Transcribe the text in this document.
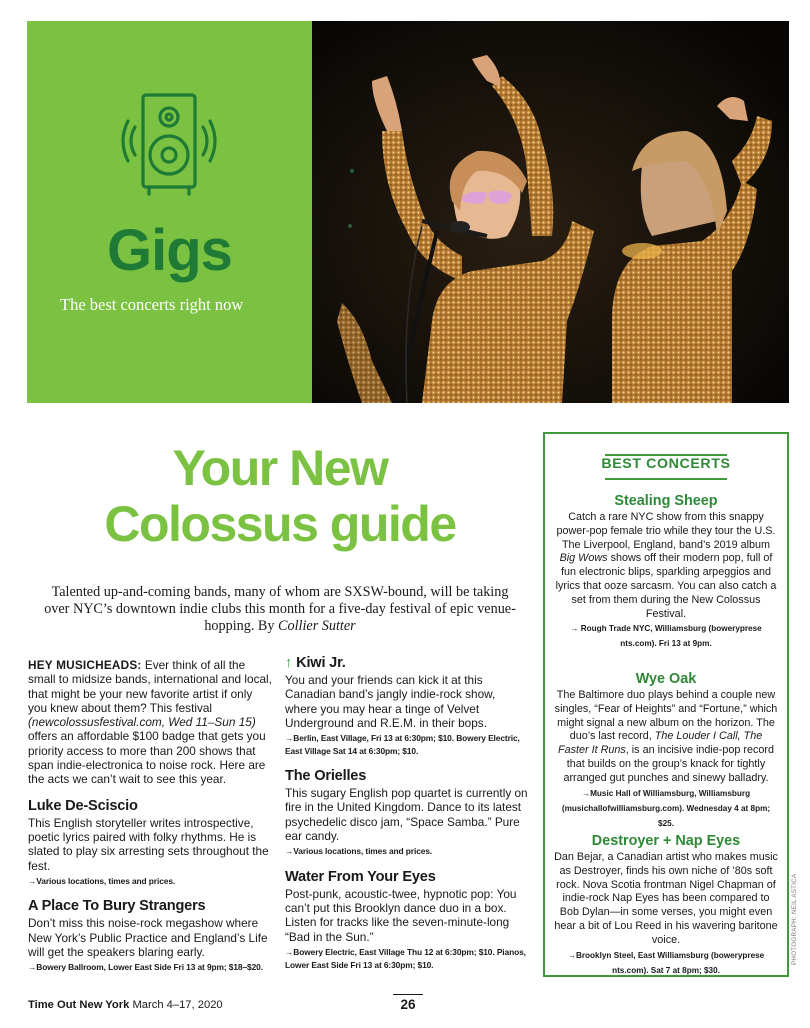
Gigs
The best concerts right now
Your New
Colossus guide
Talented up-and-coming bands, many of whom are SXSW-bound, will be taking over NYC’s downtown indie clubs this month for a five-day festival of epic venue-hopping. By Collier Sutter

HEY MUSICHEADS: Ever think of all the small to midsize bands, international and local, that might be your new favorite artist if only you knew about them? This festival (newcolossusfestival.com, Wed 11–Sun 15) offers an affordable $100 badge that gets you priority access to more than 200 shows that span indie-electronica to noise rock. Here are the acts we can’t wait to see this year.

Luke De-Sciscio

This English storyteller writes introspective, poetic lyrics paired with folky rhythms. He is slated to play six arresting sets throughout the fest.

→Various locations, times and prices.

A Place To Bury Strangers

Don’t miss this noise-rock megashow where New York’s Public Practice and England’s Life will get the speakers blaring early.

→Bowery Ballroom, Lower East Side Fri 13 at 9pm; $18–$20.

↑ Kiwi Jr.

You and your friends can kick it at this Canadian band’s jangly indie-rock show, where you may hear a tinge of Velvet Underground and R.E.M. in their bops.

→Berlin, East Village, Fri 13 at 6:30pm; $10. Bowery Electric, East Village Sat 14 at 6:30pm; $10.

The Orielles

This sugary English pop quartet is currently on fire in the United Kingdom. Dance to its latest psychedelic disco jam, “Space Samba.” Pure ear candy.

→Various locations, times and prices.

Water From Your Eyes

Post-punk, acoustic-twee, hypnotic pop: You can’t put this Brooklyn dance duo in a box. Listen for tracks like the seven-minute-long “Bad in the Sun.”

→Bowery Electric, East Village Thu 12 at 6:30pm; $10. Pianos, Lower East Side Fri 13 at 6:30pm; $10.

BEST CONCERTS
Stealing Sheep

Catch a rare NYC show from this snappy power-pop female trio while they tour the U.S. The Liverpool, England, band’s 2019 album Big Wows shows off their modern pop, full of fun electronic blips, sparkling arpeggios and lyrics that ooze sarcasm. You can also catch a set from them during the New Colossus Festival.

→ Rough Trade NYC, Williamsburg (boweryprese nts.com). Fri 13 at 9pm.

Wye Oak

The Baltimore duo plays behind a couple new singles, “Fear of Heights” and “Fortune,” which might signal a new album on the horizon. The duo’s last record, The Louder I Call, The Faster It Runs, is an incisive indie-pop record that builds on the group’s knack for tightly arranged gut punches and sinewy balladry.

→Music Hall of Williamsburg, Williamsburg (musichallofwilliamsburg.com). Wednesday 4 at 8pm; $25.

Destroyer + Nap Eyes

Dan Bejar, a Canadian artist who makes music as Destroyer, finds his own niche of ’80s soft rock. Nova Scotia frontman Nigel Chapman of indie-rock Nap Eyes has been compared to Bob Dylan—in some verses, you might even hear a bit of Lou Reed in his wavering baritone voice.

→Brooklyn Steel, East Williamsburg (boweryprese nts.com). Sat 7 at 8pm; $30.

Time Out New York March 4–17, 2020	26
PHOTOGRAPH: NEIL ASTICA
